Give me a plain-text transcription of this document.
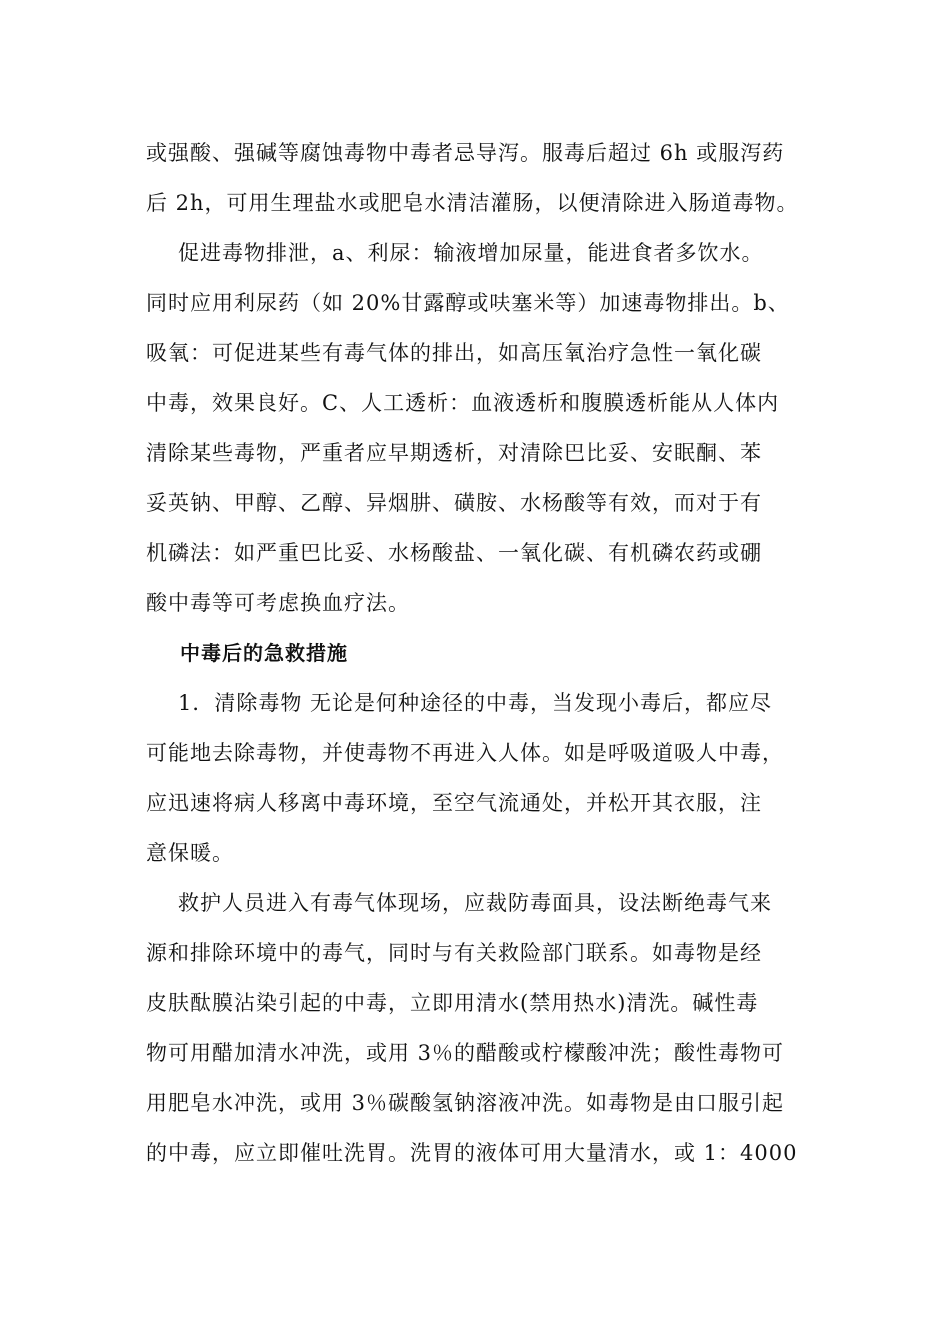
或强酸、强碱等腐蚀毒物中毒者忌导泻。服毒后超过 6h 或服泻药
后 2h，可用生理盐水或肥皂水清洁灌肠，以便清除进入肠道毒物。
促进毒物排泄，a、利尿：输液增加尿量，能进食者多饮水。
同时应用利尿药（如 20%甘露醇或呋塞米等）加速毒物排出。b、
吸氧：可促进某些有毒气体的排出，如高压氧治疗急性一氧化碳
中毒，效果良好。C、人工透析：血液透析和腹膜透析能从人体内
清除某些毒物，严重者应早期透析，对清除巴比妥、安眠酮、苯
妥英钠、甲醇、乙醇、异烟肼、磺胺、水杨酸等有效，而对于有
机磷法：如严重巴比妥、水杨酸盐、一氧化碳、有机磷农药或硼
酸中毒等可考虑换血疗法。
中毒后的急救措施
1．清除毒物 无论是何种途径的中毒，当发现小毒后，都应尽
可能地去除毒物，并使毒物不再进入人体。如是呼吸道吸人中毒，
应迅速将病人移离中毒环境，至空气流通处，并松开其衣服，注
意保暖。
救护人员进入有毒气体现场，应裁防毒面具，设法断绝毒气来
源和排除环境中的毒气，同时与有关救险部门联系。如毒物是经
皮肤酞膜沾染引起的中毒，立即用清水(禁用热水)清洗。碱性毒
物可用醋加清水冲洗，或用 3％的醋酸或柠檬酸冲洗；酸性毒物可
用肥皂水冲洗，或用 3％碳酸氢钠溶液冲洗。如毒物是由口服引起
的中毒，应立即催吐洗胃。洗胃的液体可用大量清水，或 1：4000
